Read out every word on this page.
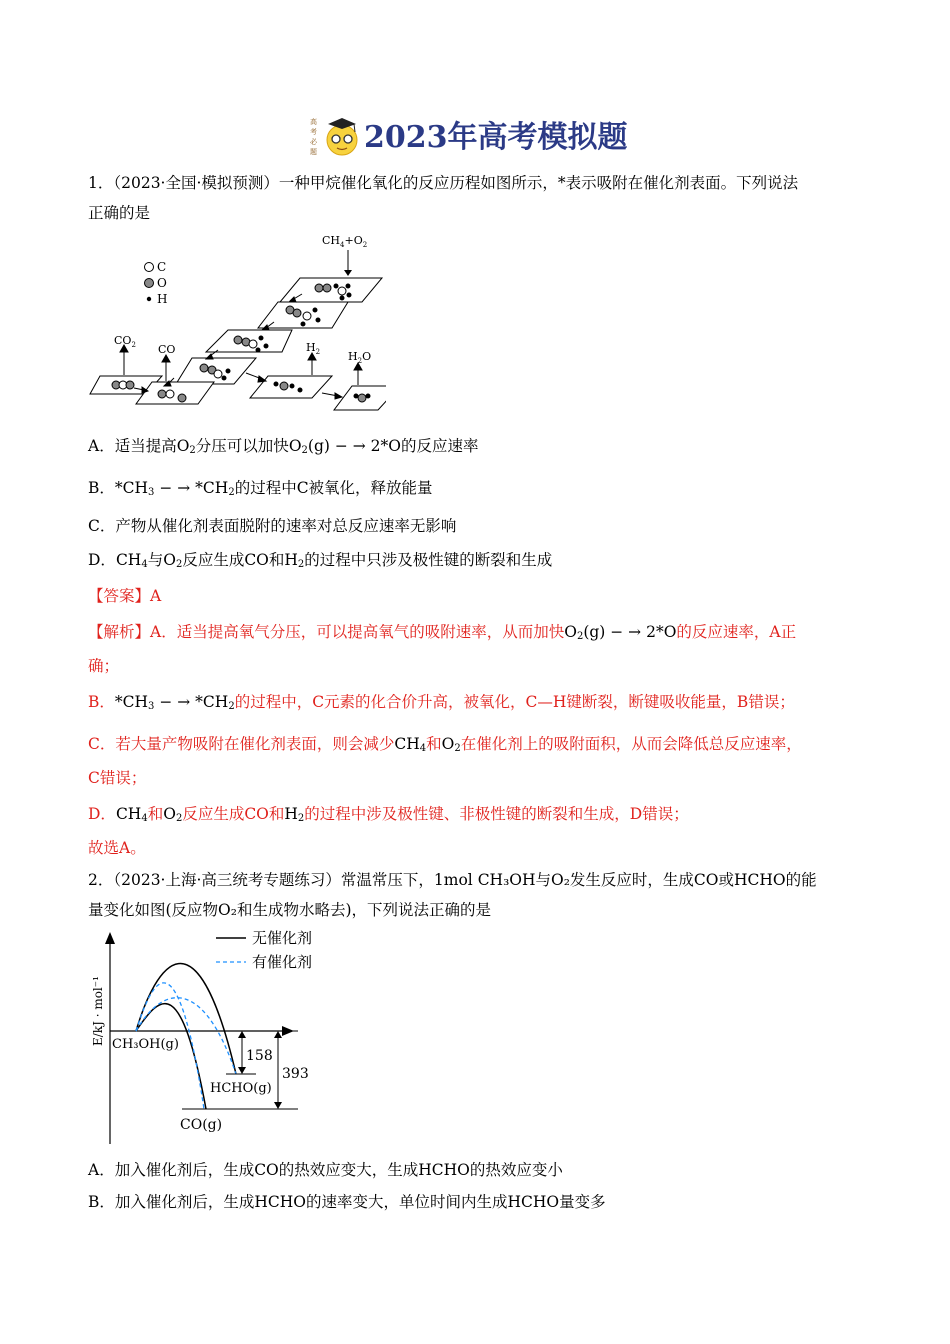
高
考
必
题 2023年高考模拟题
1．（2023·全国·模拟预测）一种甲烷催化氧化的反应历程如图所示，*表示吸附在催化剂表面。下列说法
正确的是
C
O
H
$CH_4+O_2$
$CO_2$ CO	$H_2$	$H_2O$
A．适当提高$O_2$分压可以加快$O_2(g)$ − → 2*O的反应速率
B．$*CH_3$ − → $*CH_2$的过程中C被氧化，释放能量
C．产物从催化剂表面脱附的速率对总反应速率无影响
D．$CH_4$与$O_2$反应生成CO和$H_2$的过程中只涉及极性键的断裂和生成
【答案】A
【解析】A．适当提高氧气分压，可以提高氧气的吸附速率，从而加快$O_2(g)$ − → 2*O的反应速率，A正
确；
B．$*CH_3$ − → $*CH_2$的过程中，C元素的化合价升高，被氧化，C—H键断裂，断键吸收能量，B错误；
C．若大量产物吸附在催化剂表面，则会减少$CH_4$和$O_2$在催化剂上的吸附面积，从而会降低总反应速率，
C错误；
D．$CH_4$和$O_2$反应生成CO和$H_2$的过程中涉及极性键、非极性键的断裂和生成，D错误；
故选A。
2．（2023·上海·高三统考专题练习）常温常压下，1mol CH₃OH与O₂发生反应时，生成CO或HCHO的能
量变化如图(反应物O₂和生成物水略去)，下列说法正确的是
无催化剂
有催化剂
E/kJ · mol⁻¹ CH₃OH(g)
HCHO(g)
CO(g)
158
393
A．加入催化剂后，生成CO的热效应变大，生成HCHO的热效应变小
B．加入催化剂后，生成HCHO的速率变大，单位时间内生成HCHO量变多
